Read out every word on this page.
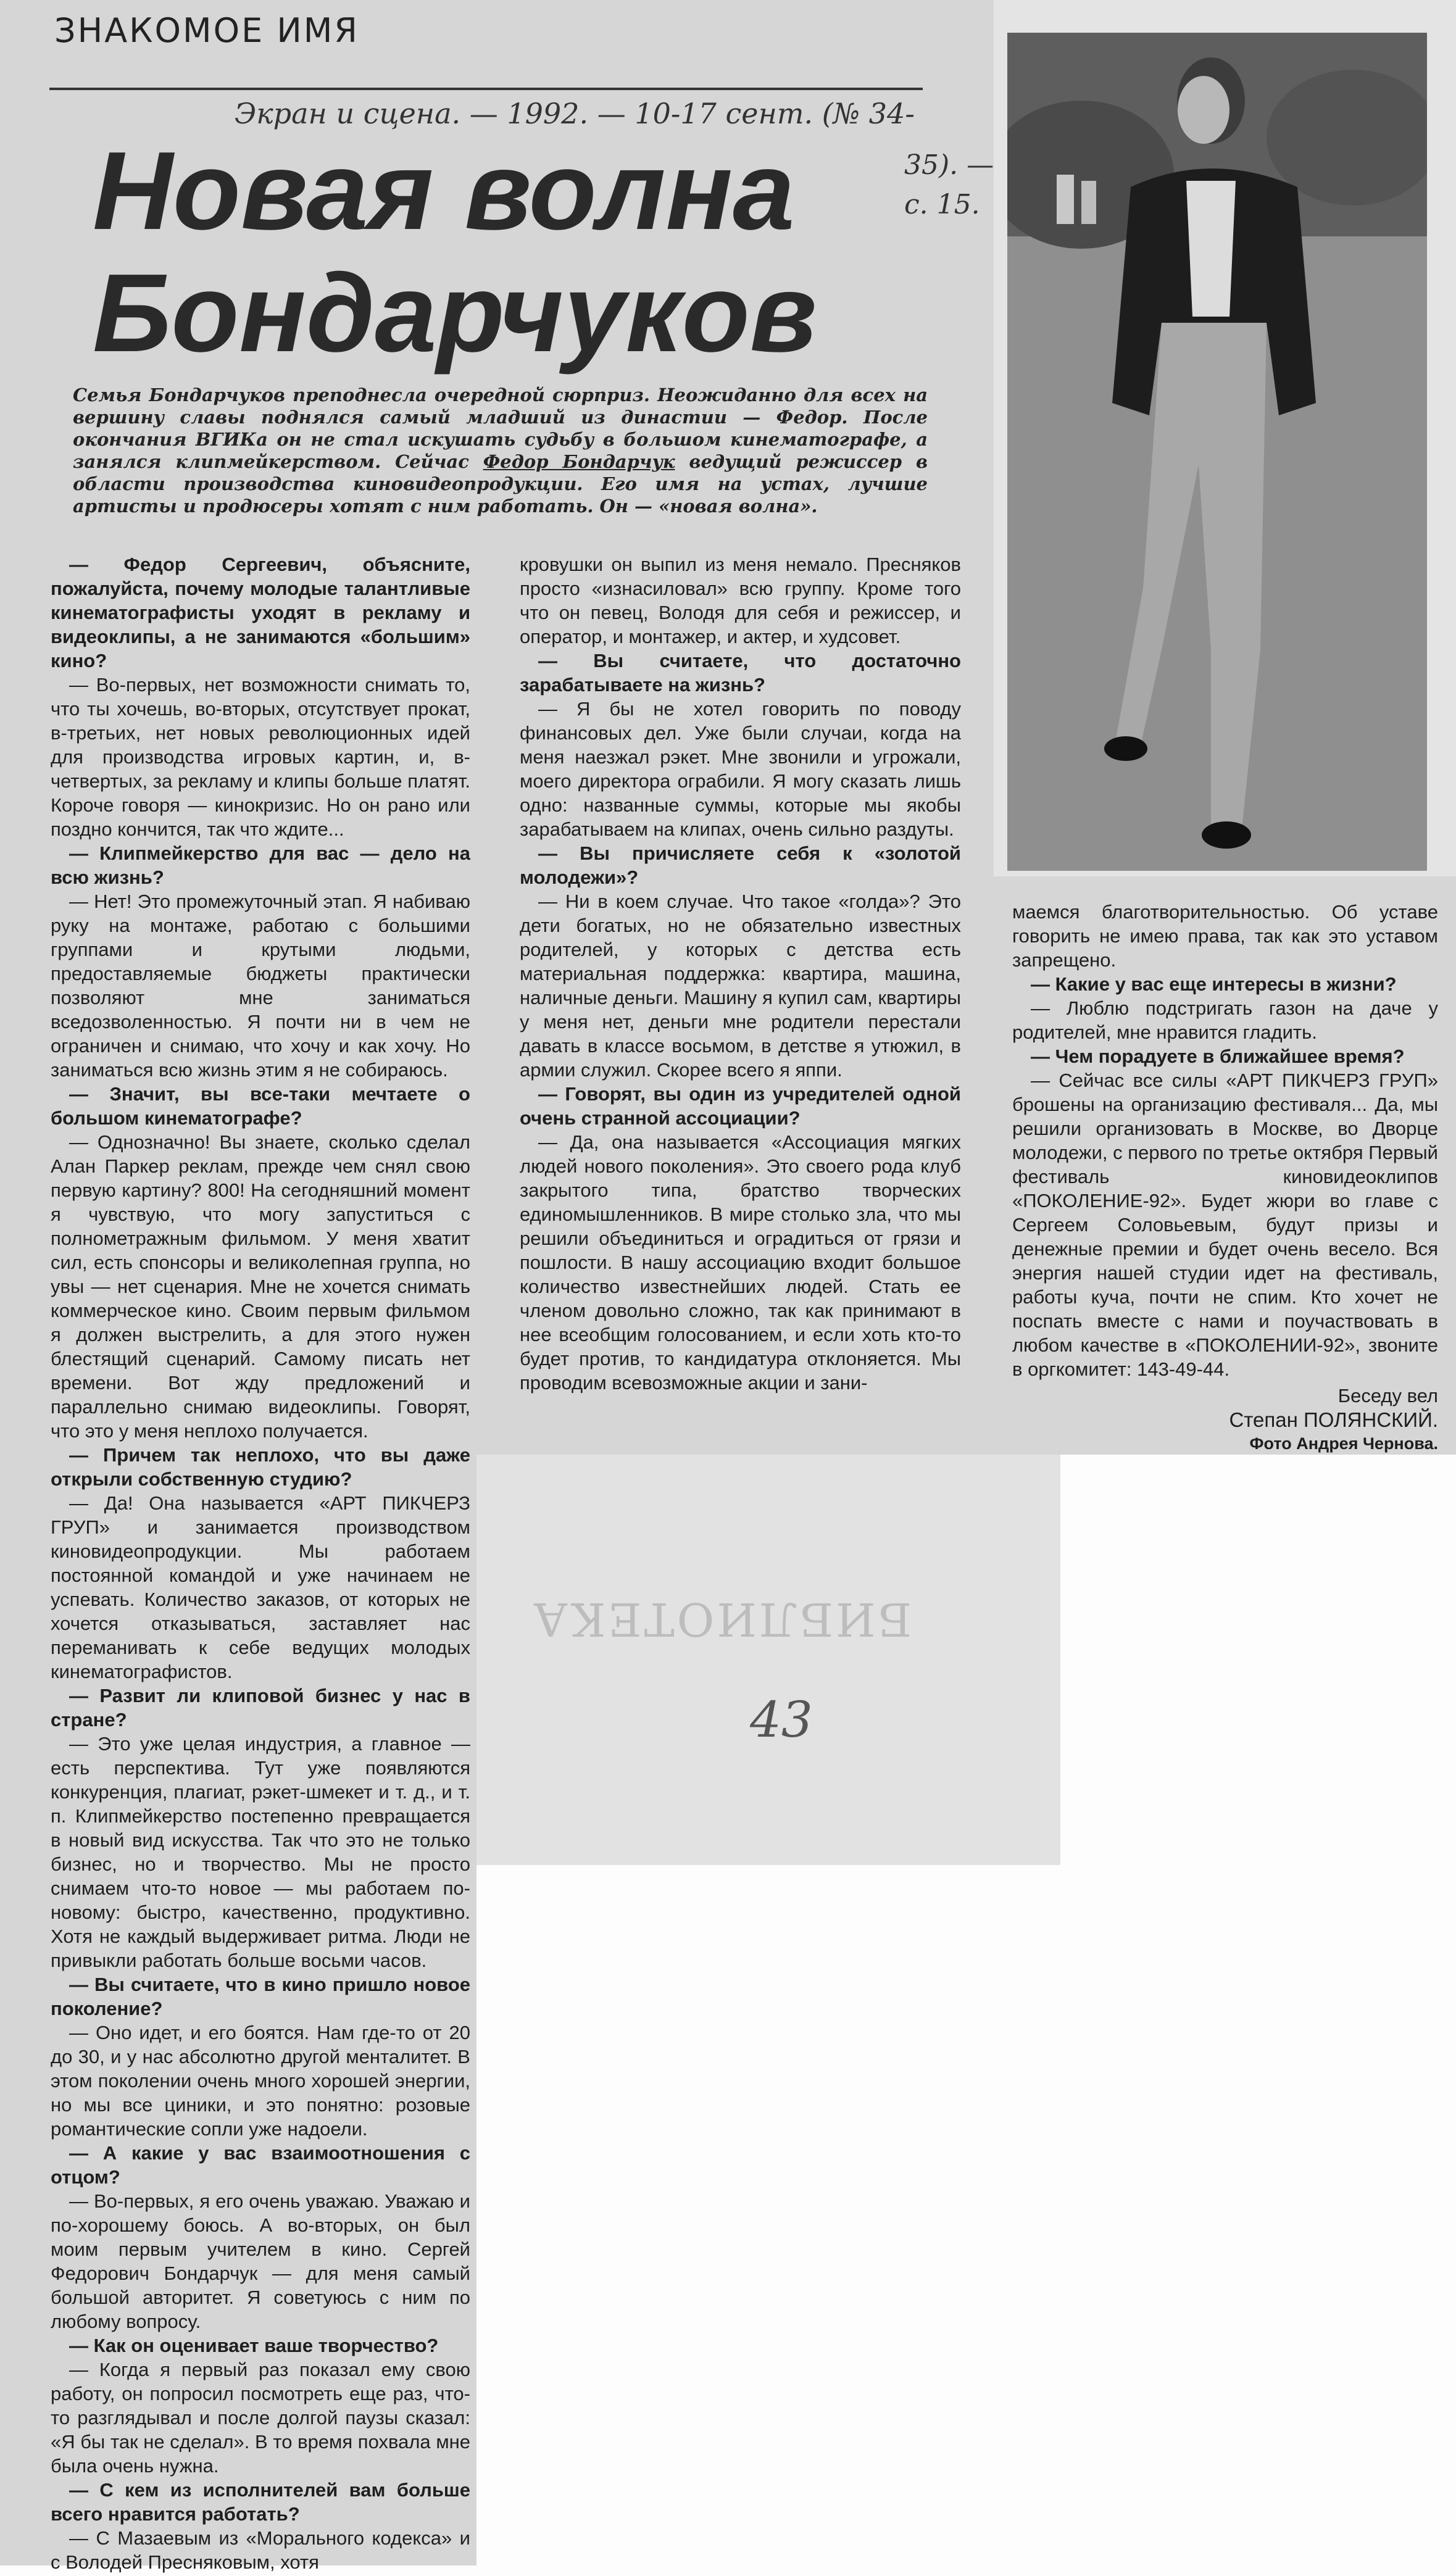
ЗНАКОМОЕ ИМЯ
Новая волна
Бондарчуков
Экран и сцена. — 1992. — 10-17 сент. (№ 34-
35). — с. 15.
Семья Бондарчуков преподнесла очередной сюрприз. Неожиданно для всех на вершину славы поднялся самый младший из династии — Федор. После окончания ВГИКа он не стал искушать судьбу в большом кинематографе, а занялся клипмейкерством. Сейчас Федор Бондарчук ведущий режиссер в области производства киновидеопродукции. Его имя на устах, лучшие артисты и продюсеры хотят с ним работать. Он — «новая волна».

— Федор Сергеевич, объясните, пожалуйста, почему молодые талантливые кинематографисты уходят в рекламу и видеоклипы, а не занимаются «большим» кино?

— Во-первых, нет возможности снимать то, что ты хочешь, во-вторых, отсутствует прокат, в-третьих, нет новых революционных идей для производства игровых картин, и, в-четвертых, за рекламу и клипы больше платят. Короче говоря — кинокризис. Но он рано или поздно кончится, так что ждите...

— Клипмейкерство для вас — дело на всю жизнь?

— Нет! Это промежуточный этап. Я набиваю руку на монтаже, работаю с большими группами и крутыми людьми, предоставляемые бюджеты практически позволяют мне заниматься вседозволенностью. Я почти ни в чем не ограничен и снимаю, что хочу и как хочу. Но заниматься всю жизнь этим я не собираюсь.

— Значит, вы все-таки мечтаете о большом кинематографе?

— Однозначно! Вы знаете, сколько сделал Алан Паркер реклам, прежде чем снял свою первую картину? 800! На сегодняшний момент я чувствую, что могу запуститься с полнометражным фильмом. У меня хватит сил, есть спонсоры и великолепная группа, но увы — нет сценария. Мне не хочется снимать коммерческое кино. Своим первым фильмом я должен выстрелить, а для этого нужен блестящий сценарий. Самому писать нет времени. Вот жду предложений и параллельно снимаю видеоклипы. Говорят, что это у меня неплохо получается.

— Причем так неплохо, что вы даже открыли собственную студию?

— Да! Она называется «АРТ ПИКЧЕРЗ ГРУП» и занимается производством киновидеопродукции. Мы работаем постоянной командой и уже начинаем не успевать. Количество заказов, от которых не хочется отказываться, заставляет нас переманивать к себе ведущих молодых кинематографистов.

— Развит ли клиповой бизнес у нас в стране?

— Это уже целая индустрия, а главное — есть перспектива. Тут уже появляются конкуренция, плагиат, рэкет-шмекет и т. д., и т. п. Клипмейкерство постепенно превращается в новый вид искусства. Так что это не только бизнес, но и творчество. Мы не просто снимаем что-то новое — мы работаем по-новому: быстро, качественно, продуктивно. Хотя не каждый выдерживает ритма. Люди не привыкли работать больше восьми часов.

— Вы считаете, что в кино пришло новое поколение?

— Оно идет, и его боятся. Нам где-то от 20 до 30, и у нас абсолютно другой менталитет. В этом поколении очень много хорошей энергии, но мы все циники, и это понятно: розовые романтические сопли уже надоели.

— А какие у вас взаимоотношения с отцом?

— Во-первых, я его очень уважаю. Уважаю и по-хорошему боюсь. А во-вторых, он был моим первым учителем в кино. Сергей Федорович Бондарчук — для меня самый большой авторитет. Я советуюсь с ним по любому вопросу.

— Как он оценивает ваше творчество?

— Когда я первый раз показал ему свою работу, он попросил посмотреть еще раз, что-то разглядывал и после долгой паузы сказал: «Я бы так не сделал». В то время похвала мне была очень нужна.

— С кем из исполнителей вам больше всего нравится работать?

— С Мазаевым из «Морального кодекса» и с Володей Пресняковым, хотя

кровушки он выпил из меня немало. Пресняков просто «изнасиловал» всю группу. Кроме того что он певец, Володя для себя и режиссер, и оператор, и монтажер, и актер, и худсовет.

— Вы считаете, что достаточно зарабатываете на жизнь?

— Я бы не хотел говорить по поводу финансовых дел. Уже были случаи, когда на меня наезжал рэкет. Мне звонили и угрожали, моего директора ограбили. Я могу сказать лишь одно: названные суммы, которые мы якобы зарабатываем на клипах, очень сильно раздуты.

— Вы причисляете себя к «золотой молодежи»?

— Ни в коем случае. Что такое «голда»? Это дети богатых, но не обязательно известных родителей, у которых с детства есть материальная поддержка: квартира, машина, наличные деньги. Машину я купил сам, квартиры у меня нет, деньги мне родители перестали давать в классе восьмом, в детстве я утюжил, в армии служил. Скорее всего я яппи.

— Говорят, вы один из учредителей одной очень странной ассоциации?

— Да, она называется «Ассоциация мягких людей нового поколения». Это своего рода клуб закрытого типа, братство творческих единомышленников. В мире столько зла, что мы решили объединиться и оградиться от грязи и пошлости. В нашу ассоциацию входит большое количество известнейших людей. Стать ее членом довольно сложно, так как принимают в нее всеобщим голосованием, и если хоть кто-то будет против, то кандидатура отклоняется. Мы проводим всевозможные акции и зани-

маемся благотворительностью. Об уставе говорить не имею права, так как это уставом запрещено.

— Какие у вас еще интересы в жизни?

— Люблю подстригать газон на даче у родителей, мне нравится гладить.

— Чем порадуете в ближайшее время?

— Сейчас все силы «АРТ ПИКЧЕРЗ ГРУП» брошены на организацию фестиваля... Да, мы решили организовать в Москве, во Дворце молодежи, с первого по третье октября Первый фестиваль киновидеоклипов «ПОКОЛЕНИЕ-92». Будет жюри во главе с Сергеем Соловьевым, будут призы и денежные премии и будет очень весело. Вся энергия нашей студии идет на фестиваль, работы куча, почти не спим. Кто хочет не поспать вместе с нами и поучаствовать в любом качестве в «ПОКОЛЕНИИ-92», звоните в оргкомитет: 143-49-44.

Беседу вел
Степан ПОЛЯНСКИЙ.
Фото Андрея Чернова.
БИБЛИОТЕКА
43
